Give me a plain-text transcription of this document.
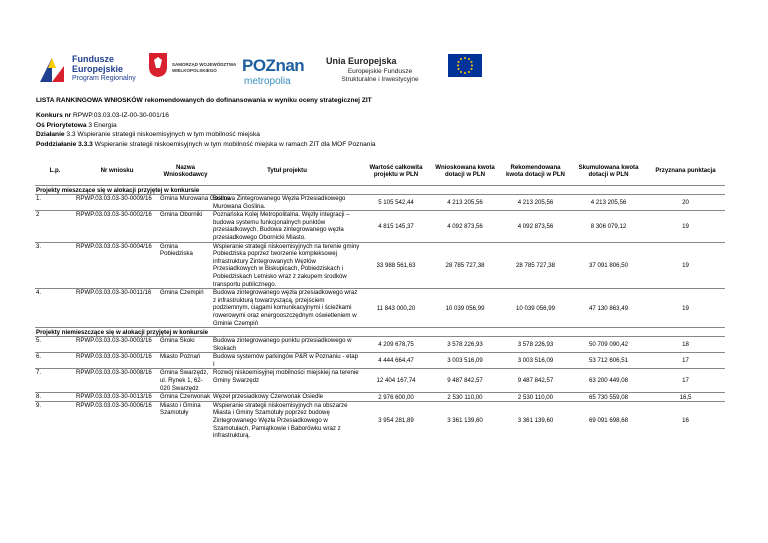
Fundusze
Europejskie
Program Regionalny
SAMORZĄD WOJEWÓDZTWA WIELKOPOLSKIEGO	POZnan
metropolia
Unia Europejska
Europejskie Fundusze
Strukturalne i Inwestycyjne
LISTA RANKINGOWA WNIOSKÓW rekomendowanych do dofinansowania w wyniku oceny strategicznej ZIT
Konkurs nr RPWP.03.03.03-IZ-00-30-001/16
Oś Priorytetowa 3 Energia
Działanie 3.3 Wspieranie strategii niskoemisyjnych w tym mobilność miejska
Poddziałanie 3.3.3 Wspieranie strategii niskoemisyjnych w tym mobilność miejska w ramach ZIT dla MOF Poznania
L.p.	Nr wniosku	Nazwa Wnioskodawcy	Tytuł projektu	Wartość całkowita projektu w PLN	Wnioskowana kwota dotacji w PLN	Rekomendowana kwota dotacji w PLN	Skumulowana kwota dotacji w PLN	Przyznana punktacja
Projekty mieszczące się w alokacji przyjętej w konkursie								
1.	RPWP.03.03.03-30-0009/16	Gmina Murowana Goślina	Budowa Zintegrowanego Węzła Przesiadkowego Murowana Goślina.	5 105 542,44	4 213 205,56	4 213 205,56	4 213 205,56	20
2	RPWP.03.03.03-30-0002/16	Gmina Oborniki	Poznańska Kolej Metropolitalna. Węzły integracji – budowa systemu funkcjonalnych punktów przesiadkowych. Budowa zintegrowanego węzła przesiadkowego Obornicki Miasto.	4 815 145,37	4 092 873,56	4 092 873,56	8 306 079,12	19
3.	RPWP.03.03.03-30-0004/16	Gmina Pobiedziska	Wspieranie strategii niskoemisyjnych na terenie gminy Pobiedziska poprzez tworzenie kompleksowej infrastruktury Zintegrowanych Węzłów Przesiadkowych w Biskupicach, Pobiedziskach i Pobiedziskach Letnisko wraz z zakupem środków transportu publicznego.	33 988 561,63	28 785 727,38	28 785 727,38	37 091 806,50	19
4.	RPWP.03.03.03-30-0011/16	Gmina Czempiń	Budowa zintegrowanego węzła przesiadkowego wraz z infrastrukturą towarzyszącą, przejściem podziemnym, ciągami komunikacyjnymi i ścieżkami rowerowymi oraz energooszczędnym oświetleniem w Gminie Czempiń	11 843 000,20	10 039 056,99	10 039 056,99	47 130 863,49	19
Projekty niemieszczące się w alokacji przyjętej w konkursie								
5.	RPWP.03.03.03-30-0003/16	Gmina Skoki	Budowa zintegrowanego punktu przesiadkowego w Skokach	4 209 678,75	3 578 226,93	3 578 226,93	50 709 090,42	18
6.	RPWP.03.03.03-30-0001/16	Miasto Poznań	Budowa systemów parkingów P&R w Poznaniu - etap I	4 444 664,47	3 003 516,09	3 003 516,09	53 712 606,51	17
7.	RPWP.03.03.03-30-0008/16	Gmina Swarzędz, ul. Rynek 1, 62-020 Swarzędz	Rozwój niskoemisyjnej mobilności miejskiej na terenie Gminy Swarzędz	12 404 167,74	9 487 842,57	9 487 842,57	63 200 449,08	17
8.	RPWP.03.03.03-30-0013/16	Gmina Czerwonak	Węzeł przesiadkowy Czerwonak Osiedle	2 976 600,00	2 530 110,00	2 530 110,00	65 730 559,08	16,5
9.	RPWP.03.03.03-30-0006/16	Miasto i Gmina Szamotuły	Wspieranie strategii niskoemisyjnych na obszarze Miasta i Gminy Szamotuły poprzez budowę Zintegrowanego Węzła Przesiadkowego w Szamotułach, Pamiątkowie i Baborówku wraz z infrastrukturą.	3 954 281,89	3 361 139,60	3 361 139,60	69 091 698,68	16
